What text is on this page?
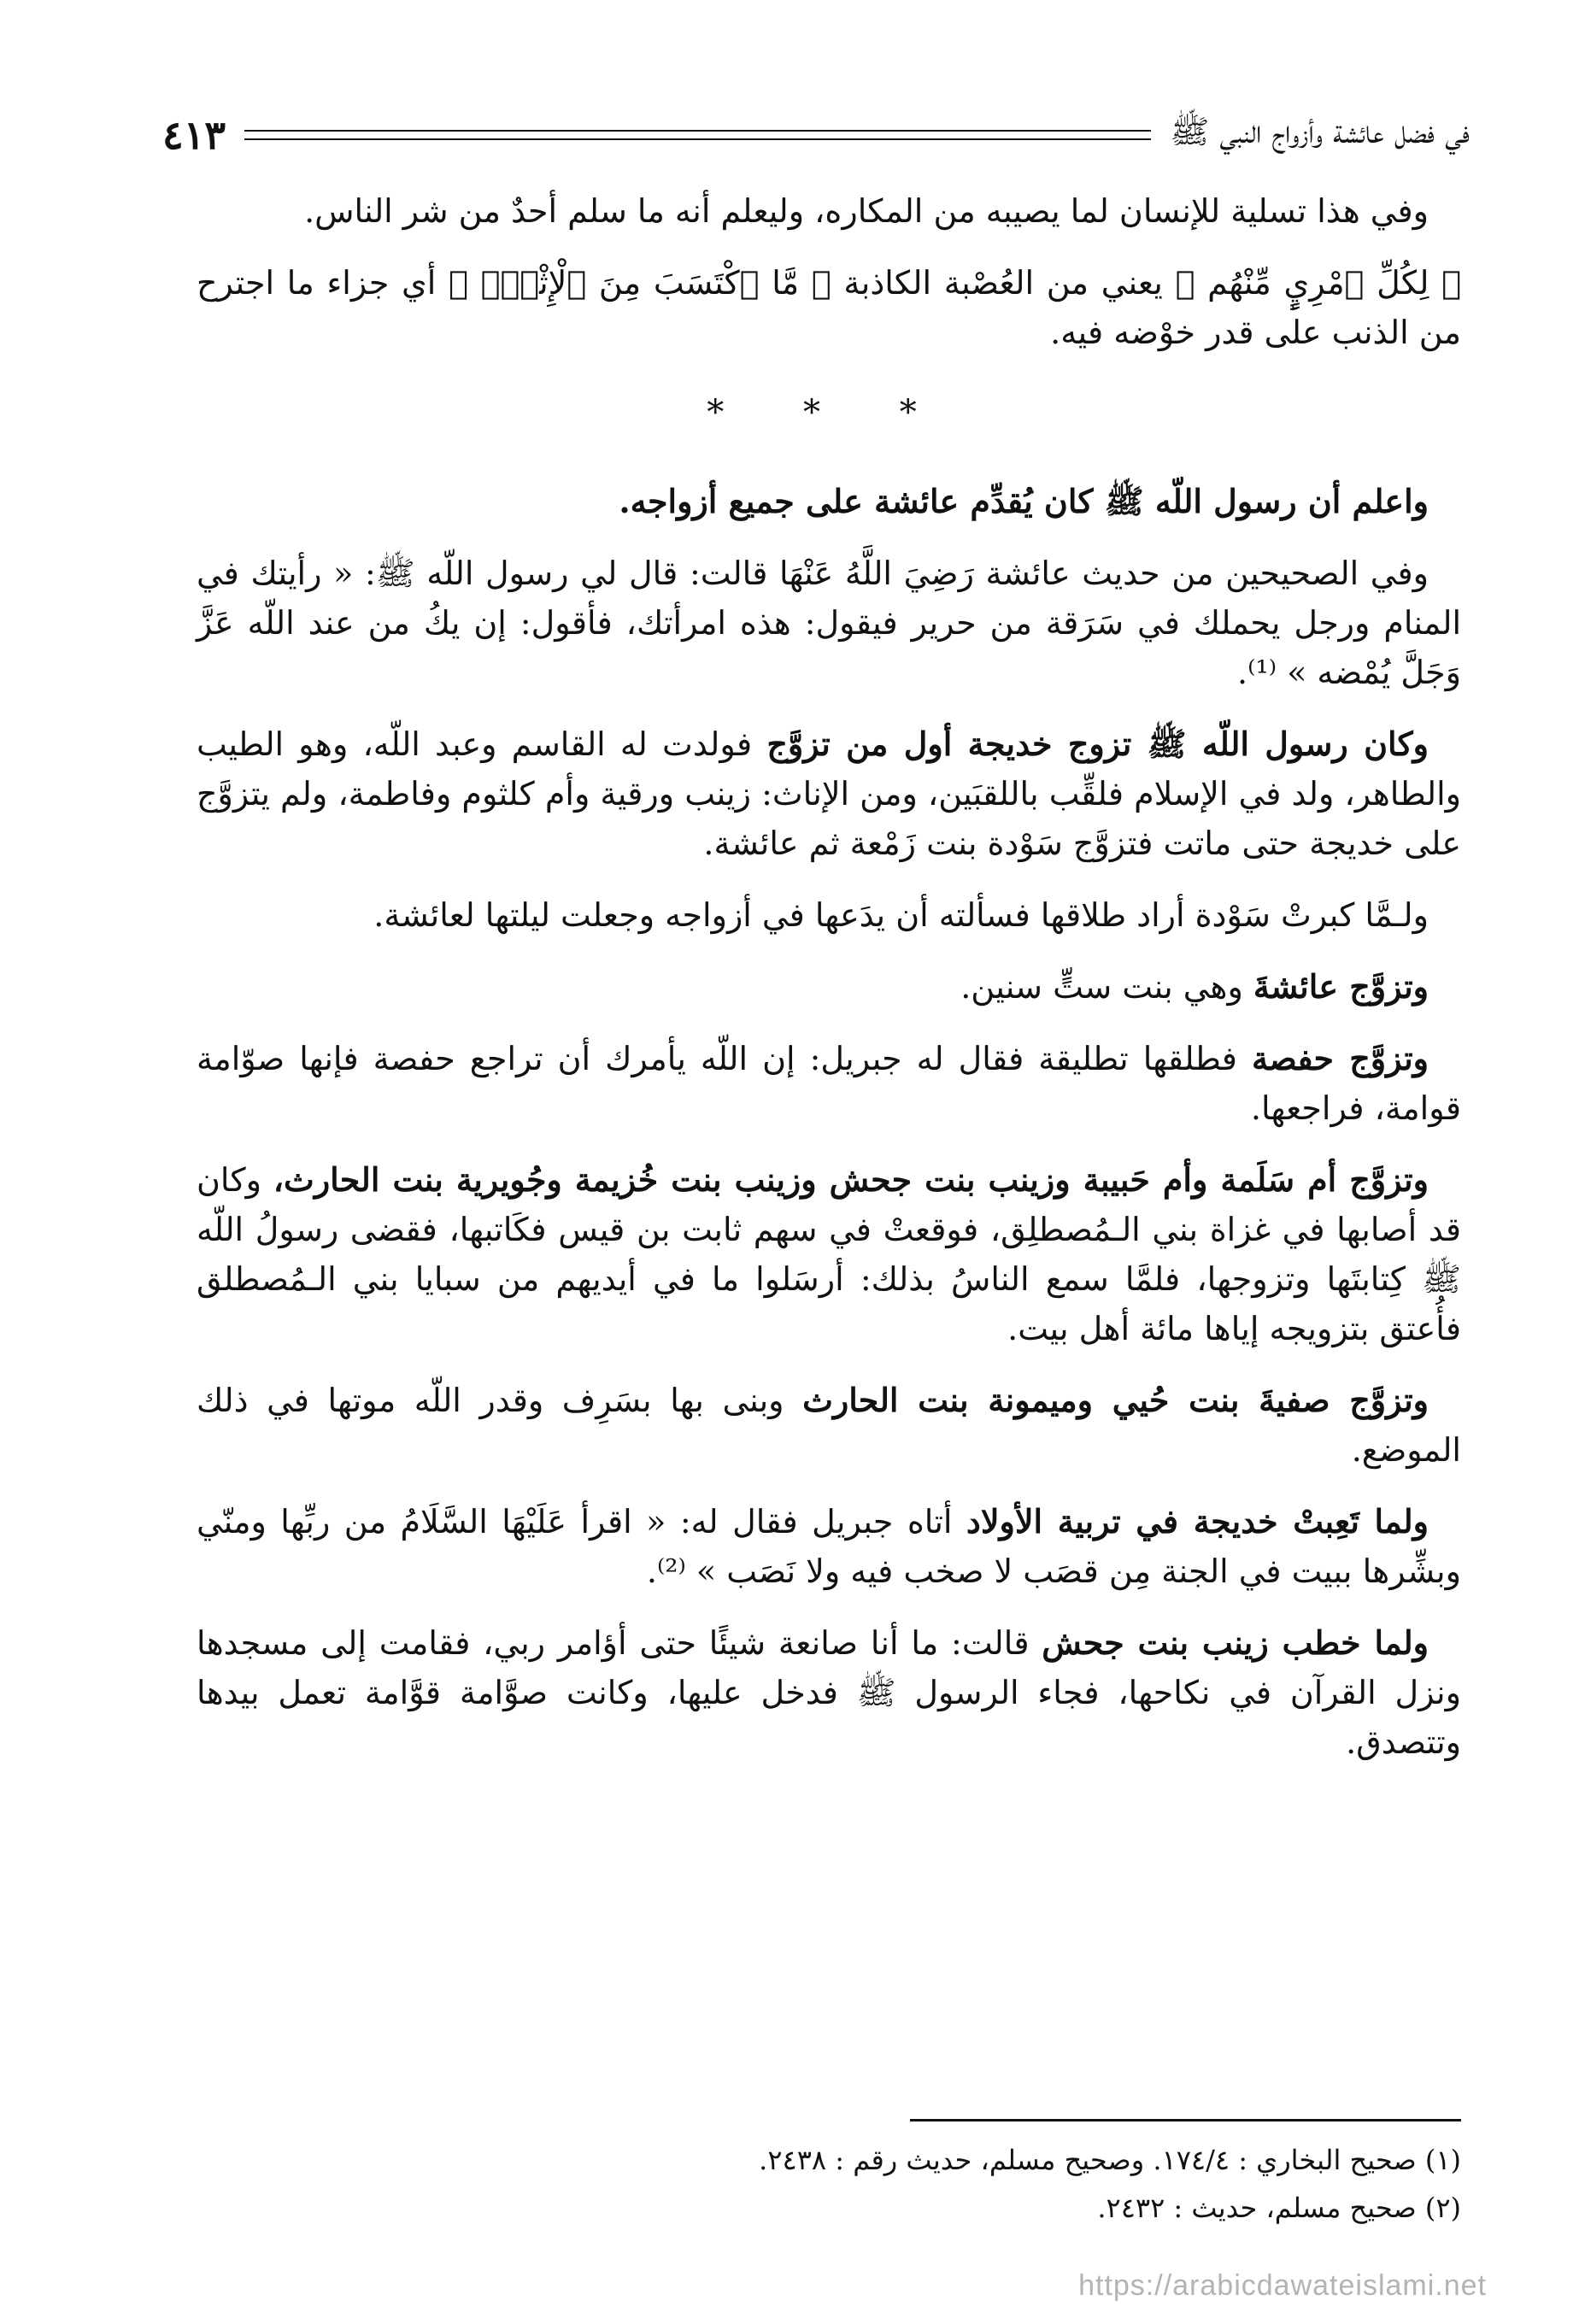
في فضل عائشة وأزواج النبي ﷺ
٤١٣

وفي هذا تسلية للإنسان لما يصيبه من المكاره، وليعلم أنه ما سلم أحدٌ من شر الناس.

﴿ لِكُلِّ ٱمْرِيٍٕ مِّنْهُم ﴾ يعني من العُصْبة الكاذبة ﴿ مَّا ٱكْتَسَبَ مِنَ ٱلْإِثْمِۚ ﴾ أي جزاء ما اجترح من الذنب على قدر خوْضه فيه.

* * *

واعلم أن رسول اللّه ﷺ كان يُقدِّم عائشة على جميع أزواجه.

وفي الصحيحين من حديث عائشة رَضِيَ اللَّهُ عَنْهَا قالت: قال لي رسول اللّه ﷺ: « رأيتك في المنام ورجل يحملك في سَرَقة من حرير فيقول: هذه امرأتك، فأقول: إن يكُ من عند اللّه عَزَّ وَجَلَّ يُمْضه » ⁽¹⁾.

وكان رسول اللّه ﷺ تزوج خديجة أول من تزوَّج فولدت له القاسم وعبد اللّه، وهو الطيب والطاهر، ولد في الإسلام فلقِّب باللقبَين، ومن الإناث: زينب ورقية وأم كلثوم وفاطمة، ولم يتزوَّج على خديجة حتى ماتت فتزوَّج سَوْدة بنت زَمْعة ثم عائشة.

ولـمَّا كبرتْ سَوْدة أراد طلاقها فسألته أن يدَعها في أزواجه وجعلت ليلتها لعائشة.

وتزوَّج عائشةَ وهي بنت ستٍّ سنين.

وتزوَّج حفصة فطلقها تطليقة فقال له جبريل: إن اللّه يأمرك أن تراجع حفصة فإنها صوّامة قوامة، فراجعها.

وتزوَّج أم سَلَمة وأم حَبيبة وزينب بنت جحش وزينب بنت خُزيمة وجُويرية بنت الحارث، وكان قد أصابها في غزاة بني الـمُصطلِق، فوقعتْ في سهم ثابت بن قيس فكَاتبها، فقضى رسولُ اللّه ﷺ كِتابتَها وتزوجها، فلمَّا سمع الناسُ بذلك: أرسَلوا ما في أيديهم من سبايا بني الـمُصطلق فأُعتق بتزويجه إياها مائة أهل بيت.

وتزوَّج صفيةَ بنت حُيي وميمونة بنت الحارث وبنى بها بسَرِف وقدر اللّه موتها في ذلك الموضع.

ولما تَعِبتْ خديجة في تربية الأولاد أتاه جبريل فقال له: « اقرأ عَلَيْهَا السَّلَامُ من ربِّها ومنّي وبشِّرها ببيت في الجنة مِن قصَب لا صخب فيه ولا نَصَب » ⁽²⁾.

ولما خطب زينب بنت جحش قالت: ما أنا صانعة شيئًا حتى أؤامر ربي، فقامت إلى مسجدها ونزل القرآن في نكاحها، فجاء الرسول ﷺ فدخل عليها، وكانت صوَّامة قوَّامة تعمل بيدها وتتصدق.

(١) صحيح البخاري : ١٧٤/٤. وصحيح مسلم، حديث رقم : ٢٤٣٨.
(٢) صحيح مسلم، حديث : ٢٤٣٢.
https://arabicdawateislami.net
